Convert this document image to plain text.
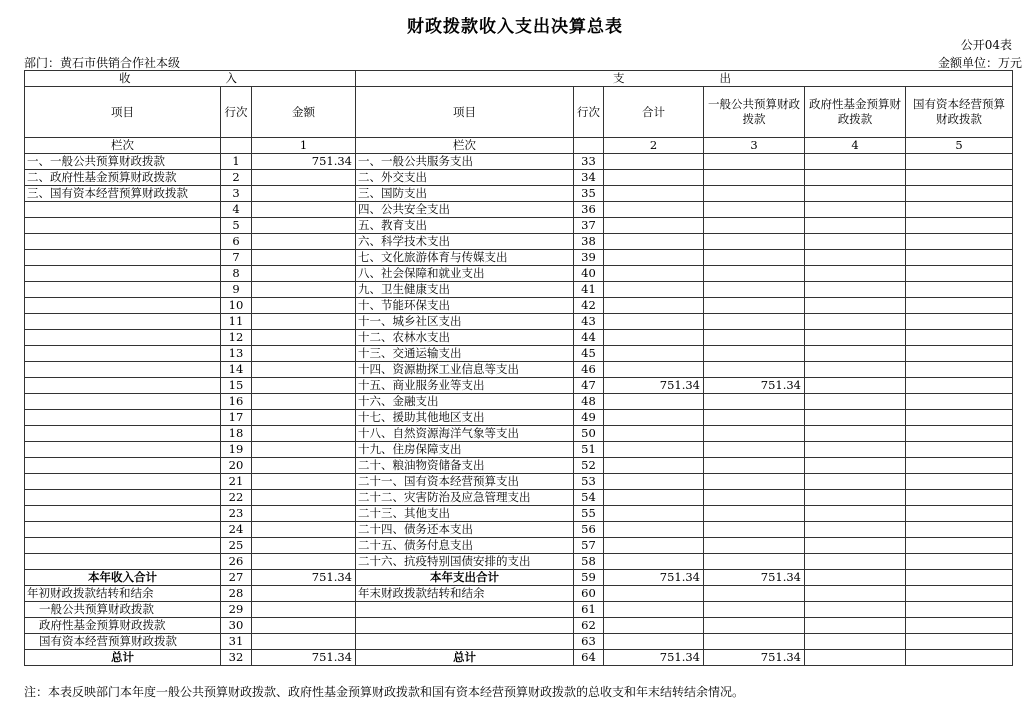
财政拨款收入支出决算总表
公开04表
部门：黄石市供销合作社本级	金额单位：万元
收　　入			支　　出					
项目	行次	金额	项目	行次	合计	一般公共预算财政拨款	政府性基金预算财政拨款	国有资本经营预算财政拨款
栏次		1	栏次		2	3	4	5
一、一般公共预算财政拨款	1	751.34	一、一般公共服务支出	33				
二、政府性基金预算财政拨款	2		二、外交支出	34				
三、国有资本经营预算财政拨款	3		三、国防支出	35				
	4		四、公共安全支出	36				
	5		五、教育支出	37				
	6		六、科学技术支出	38				
	7		七、文化旅游体育与传媒支出	39				
	8		八、社会保障和就业支出	40				
	9		九、卫生健康支出	41				
	10		十、节能环保支出	42				
	11		十一、城乡社区支出	43				
	12		十二、农林水支出	44				
	13		十三、交通运输支出	45				
	14		十四、资源勘探工业信息等支出	46				
	15		十五、商业服务业等支出	47	751.34	751.34		
	16		十六、金融支出	48				
	17		十七、援助其他地区支出	49				
	18		十八、自然资源海洋气象等支出	50				
	19		十九、住房保障支出	51				
	20		二十、粮油物资储备支出	52				
	21		二十一、国有资本经营预算支出	53				
	22		二十二、灾害防治及应急管理支出	54				
	23		二十三、其他支出	55				
	24		二十四、债务还本支出	56				
	25		二十五、债务付息支出	57				
	26		二十六、抗疫特别国债安排的支出	58				
本年收入合计	27	751.34	本年支出合计	59	751.34	751.34		
年初财政拨款结转和结余	28		年末财政拨款结转和结余	60				
一般公共预算财政拨款	29			61				
政府性基金预算财政拨款	30			62				
国有资本经营预算财政拨款	31			63				
总计	32	751.34	总计	64	751.34	751.34		
注：本表反映部门本年度一般公共预算财政拨款、政府性基金预算财政拨款和国有资本经营预算财政拨款的总收支和年末结转结余情况。
